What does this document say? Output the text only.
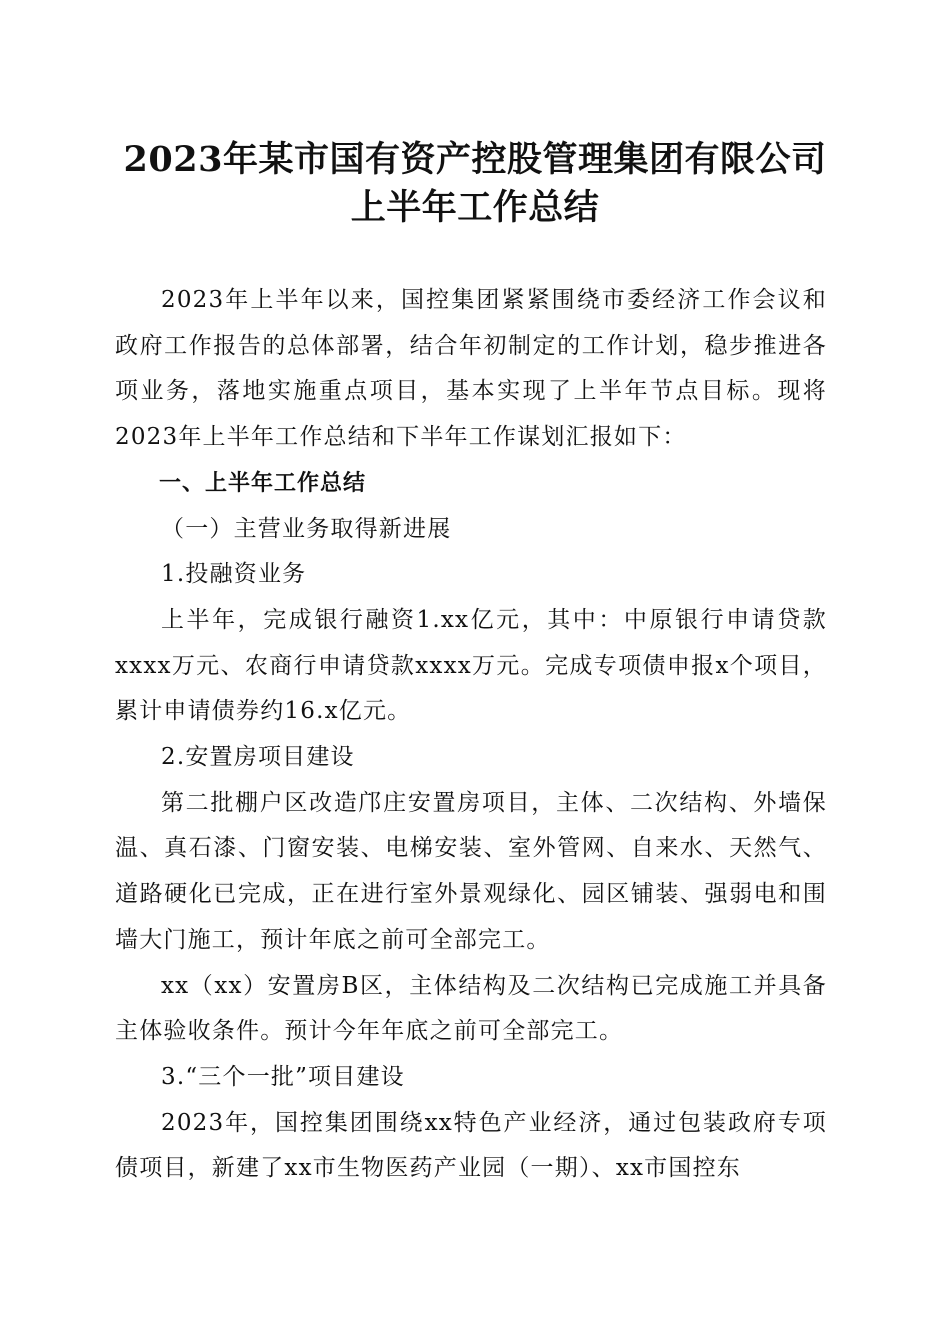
2023年某市国有资产控股管理集团有限公司
上半年工作总结

2023年上半年以来，国控集团紧紧围绕市委经济工作会议和政府工作报告的总体部署，结合年初制定的工作计划，稳步推进各项业务，落地实施重点项目，基本实现了上半年节点目标。现将2023年上半年工作总结和下半年工作谋划汇报如下：

一、上半年工作总结

（一）主营业务取得新进展

1.投融资业务

上半年，完成银行融资1.xx亿元，其中：中原银行申请贷款xxxx万元、农商行申请贷款xxxx万元。完成专项债申报x个项目，累计申请债券约16.x亿元。

2.安置房项目建设

第二批棚户区改造邝庄安置房项目，主体、二次结构、外墙保温、真石漆、门窗安装、电梯安装、室外管网、自来水、天然气、道路硬化已完成，正在进行室外景观绿化、园区铺装、强弱电和围墙大门施工，预计年底之前可全部完工。

xx（xx）安置房B区，主体结构及二次结构已完成施工并具备主体验收条件。预计今年年底之前可全部完工。

3.“三个一批”项目建设

2023年，国控集团围绕xx特色产业经济，通过包装政府专项债项目，新建了xx市生物医药产业园（一期）、xx市国控东
